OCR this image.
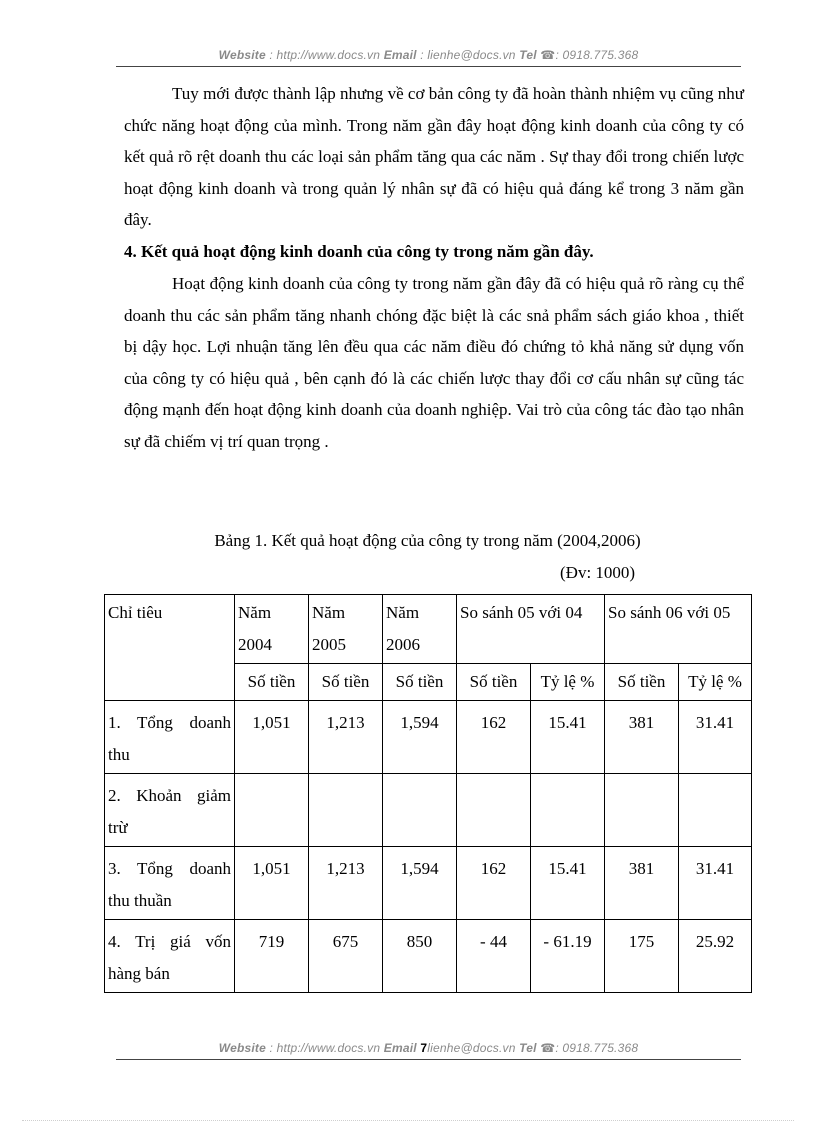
Website : http://www.docs.vn Email : lienhe@docs.vn Tel ☎: 0918.775.368

Tuy mới được thành lập nhưng về cơ bản công ty đã hoàn thành nhiệm vụ cũng như chức năng hoạt động của mình. Trong năm gần đây hoạt động kinh doanh của công ty có kết quả rõ rệt doanh thu các loại sản phẩm tăng qua các năm . Sự thay đổi trong chiến lược hoạt động kinh doanh và trong quản lý nhân sự đã có hiệu quả đáng kể trong 3 năm gần đây.

4. Kết quả hoạt động kinh doanh của công ty trong năm gần đây.

Hoạt động kinh doanh của công ty trong năm gần đây đã có hiệu quả rõ ràng cụ thể doanh thu các sản phẩm tăng nhanh chóng đặc biệt là các snả phẩm sách giáo khoa , thiết bị dậy học. Lợi nhuận tăng lên đều qua các năm điều đó chứng tỏ khả năng sử dụng vốn của công ty có hiệu quả , bên cạnh đó là các chiến lược thay đổi cơ cấu nhân sự cũng tác động mạnh đến hoạt động kinh doanh của doanh nghiệp. Vai trò của công tác đào tạo nhân sự đã chiếm vị trí quan trọng .

Bảng 1. Kết quả hoạt động của công ty trong năm (2004,2006)
(Đv: 1000)
Chỉ tiêu	Năm 2004	Năm 2005	Năm 2006	So sánh 05 với 04		So sánh 06 với 05	
	Số tiền	Số tiền	Số tiền	Số tiền	Tỷ lệ %	Số tiền	Tỷ lệ %
1. Tổng doanh thu	1,051	1,213	1,594	162	15.41	381	31.41
2. Khoản giảm trừ							
3. Tổng doanh thu thuần	1,051	1,213	1,594	162	15.41	381	31.41
4. Trị giá vốn hàng bán	719	675	850	- 44	- 61.19	175	25.92
Website : http://www.docs.vn Email 7lienhe@docs.vn Tel ☎: 0918.775.368
